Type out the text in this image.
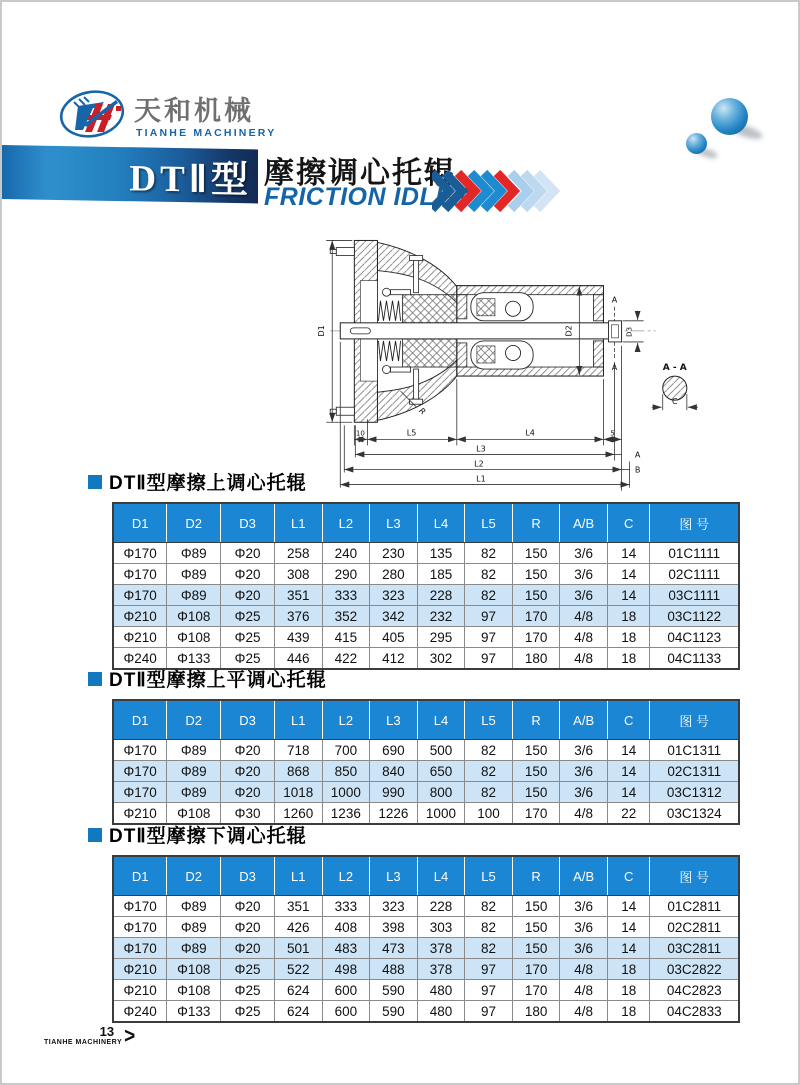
天和机械
TIANHE MACHINERY
DTⅡ型 摩擦调心托辊
FRICTION IDLER
D1	D2	D3
A
A	A - A
C
R
10	L5	L4	5
L3
A
L2
B
L1
DTⅡ型摩擦上调心托辊
D1	D2	D3	L1	L2	L3	L4	L5	R	A/B	C	图 号
Φ170	Φ89	Φ20	258	240	230	135	82	150	3/6	14	01C1111
Φ170	Φ89	Φ20	308	290	280	185	82	150	3/6	14	02C1111
Φ170	Φ89	Φ20	351	333	323	228	82	150	3/6	14	03C1111
Φ210	Φ108	Φ25	376	352	342	232	97	170	4/8	18	03C1122
Φ210	Φ108	Φ25	439	415	405	295	97	170	4/8	18	04C1123
Φ240	Φ133	Φ25	446	422	412	302	97	180	4/8	18	04C1133
DTⅡ型摩擦上平调心托辊
D1	D2	D3	L1	L2	L3	L4	L5	R	A/B	C	图 号
Φ170	Φ89	Φ20	718	700	690	500	82	150	3/6	14	01C1311
Φ170	Φ89	Φ20	868	850	840	650	82	150	3/6	14	02C1311
Φ170	Φ89	Φ20	1018	1000	990	800	82	150	3/6	14	03C1312
Φ210	Φ108	Φ30	1260	1236	1226	1000	100	170	4/8	22	03C1324
DTⅡ型摩擦下调心托辊
D1	D2	D3	L1	L2	L3	L4	L5	R	A/B	C	图 号
Φ170	Φ89	Φ20	351	333	323	228	82	150	3/6	14	01C2811
Φ170	Φ89	Φ20	426	408	398	303	82	150	3/6	14	02C2811
Φ170	Φ89	Φ20	501	483	473	378	82	150	3/6	14	03C2811
Φ210	Φ108	Φ25	522	498	488	378	97	170	4/8	18	03C2822
Φ210	Φ108	Φ25	624	600	590	480	97	170	4/8	18	04C2823
Φ240	Φ133	Φ25	624	600	590	480	97	180	4/8	18	04C2833
13
TIANHE MACHINERY >
